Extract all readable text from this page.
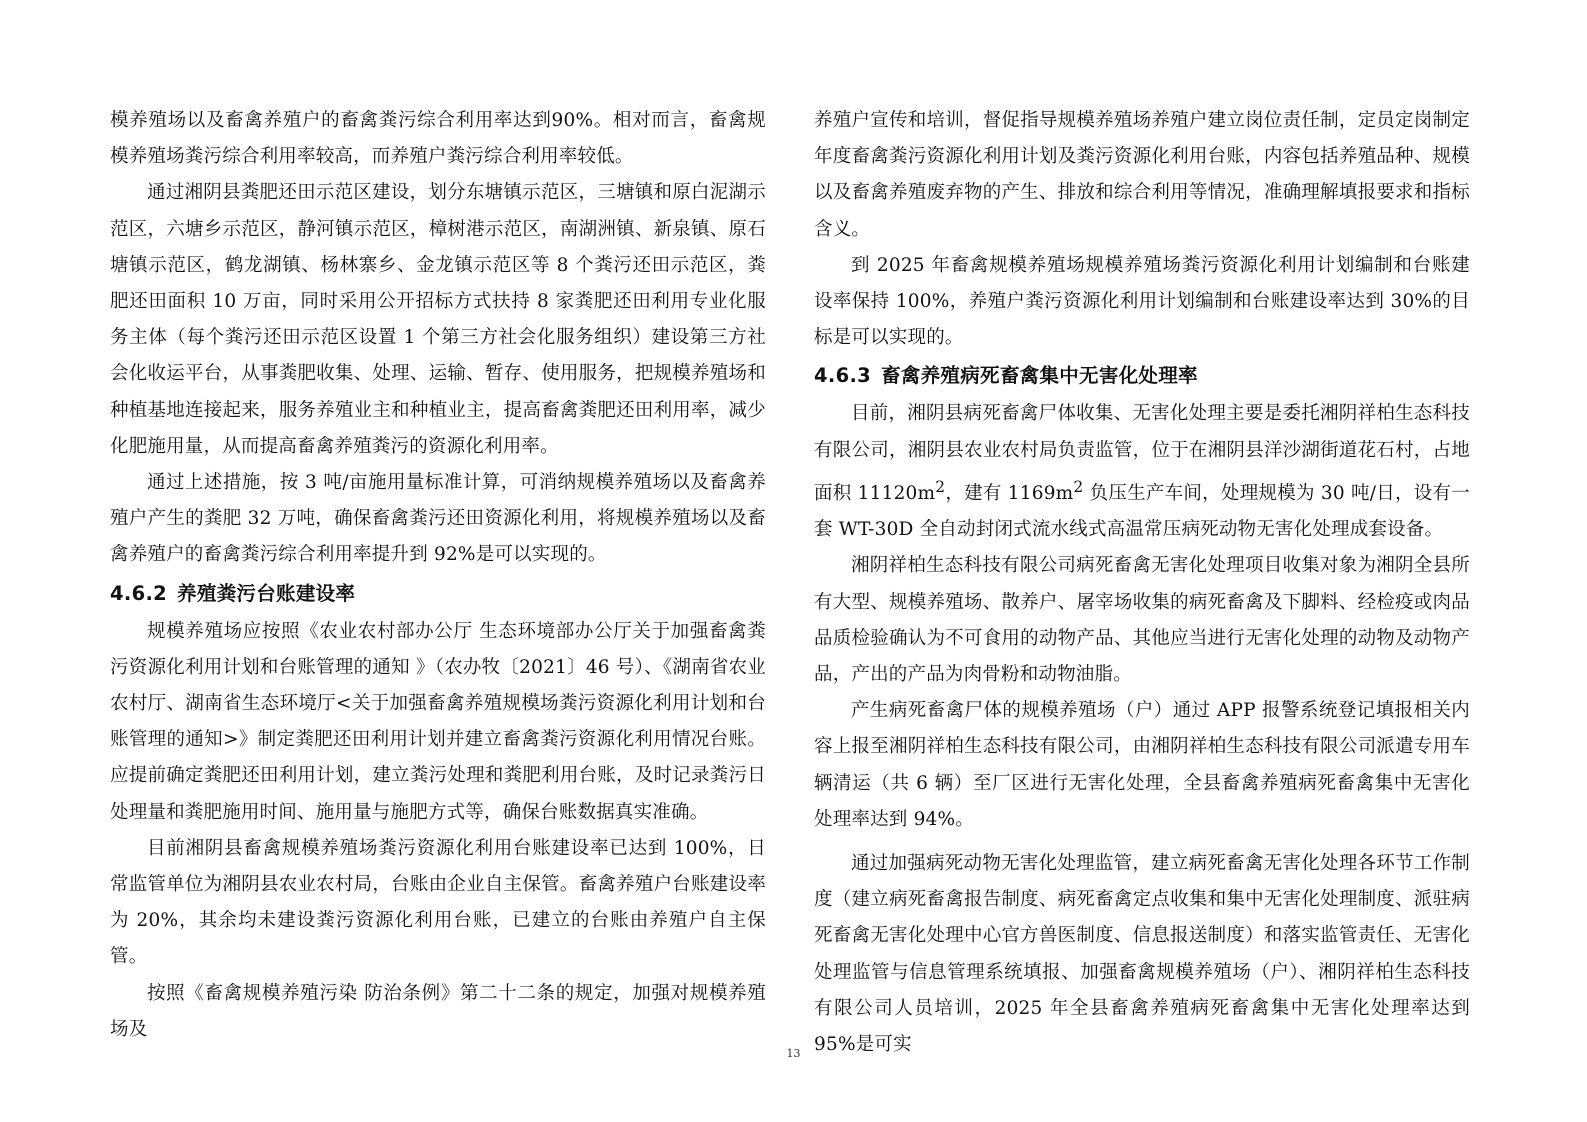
模养殖场以及畜禽养殖户的畜禽粪污综合利用率达到90%。相对而言，畜禽规模养殖场粪污综合利用率较高，而养殖户粪污综合利用率较低。

通过湘阴县粪肥还田示范区建设，划分东塘镇示范区，三塘镇和原白泥湖示范区，六塘乡示范区，静河镇示范区，樟树港示范区，南湖洲镇、新泉镇、原石塘镇示范区，鹤龙湖镇、杨林寨乡、金龙镇示范区等 8 个粪污还田示范区，粪肥还田面积 10 万亩，同时采用公开招标方式扶持 8 家粪肥还田利用专业化服务主体（每个粪污还田示范区设置 1 个第三方社会化服务组织）建设第三方社会化收运平台，从事粪肥收集、处理、运输、暂存、使用服务，把规模养殖场和种植基地连接起来，服务养殖业主和种植业主，提高畜禽粪肥还田利用率，减少化肥施用量，从而提高畜禽养殖粪污的资源化利用率。

通过上述措施，按 3 吨/亩施用量标准计算，可消纳规模养殖场以及畜禽养殖户产生的粪肥 32 万吨，确保畜禽粪污还田资源化利用，将规模养殖场以及畜禽养殖户的畜禽粪污综合利用率提升到 92%是可以实现的。

4.6.2 养殖粪污台账建设率

规模养殖场应按照《农业农村部办公厅 生态环境部办公厅关于加强畜禽粪污资源化利用计划和台账管理的通知 》（农办牧〔2021〕46 号）、《湖南省农业农村厅、湖南省生态环境厅<关于加强畜禽养殖规模场粪污资源化利用计划和台账管理的通知>》制定粪肥还田利用计划并建立畜禽粪污资源化利用情况台账。应提前确定粪肥还田利用计划，建立粪污处理和粪肥利用台账，及时记录粪污日处理量和粪肥施用时间、施用量与施肥方式等，确保台账数据真实准确。

目前湘阴县畜禽规模养殖场粪污资源化利用台账建设率已达到 100%，日常监管单位为湘阴县农业农村局，台账由企业自主保管。畜禽养殖户台账建设率为 20%，其余均未建设粪污资源化利用台账，已建立的台账由养殖户自主保管。

按照《畜禽规模养殖污染 防治条例》第二十二条的规定，加强对规模养殖场及

养殖户宣传和培训，督促指导规模养殖场养殖户建立岗位责任制，定员定岗制定年度畜禽粪污资源化利用计划及粪污资源化利用台账，内容包括养殖品种、规模以及畜禽养殖废弃物的产生、排放和综合利用等情况，准确理解填报要求和指标含义。

到 2025 年畜禽规模养殖场规模养殖场粪污资源化利用计划编制和台账建设率保持 100%，养殖户粪污资源化利用计划编制和台账建设率达到 30%的目标是可以实现的。

4.6.3 畜禽养殖病死畜禽集中无害化处理率

目前，湘阴县病死畜禽尸体收集、无害化处理主要是委托湘阴祥柏生态科技有限公司，湘阴县农业农村局负责监管，位于在湘阴县洋沙湖街道花石村，占地面积 $11120m^2$，建有 $1169m^2$ 负压生产车间，处理规模为 30 吨/日，设有一套 WT-30D 全自动封闭式流水线式高温常压病死动物无害化处理成套设备。

湘阴祥柏生态科技有限公司病死畜禽无害化处理项目收集对象为湘阴全县所有大型、规模养殖场、散养户、屠宰场收集的病死畜禽及下脚料、经检疫或肉品品质检验确认为不可食用的动物产品、其他应当进行无害化处理的动物及动物产品，产出的产品为肉骨粉和动物油脂。

产生病死畜禽尸体的规模养殖场（户）通过 APP 报警系统登记填报相关内容上报至湘阴祥柏生态科技有限公司，由湘阴祥柏生态科技有限公司派遣专用车辆清运（共 6 辆）至厂区进行无害化处理，全县畜禽养殖病死畜禽集中无害化处理率达到 94%。

通过加强病死动物无害化处理监管，建立病死畜禽无害化处理各环节工作制度（建立病死畜禽报告制度、病死畜禽定点收集和集中无害化处理制度、派驻病死畜禽无害化处理中心官方兽医制度、信息报送制度）和落实监管责任、无害化处理监管与信息管理系统填报、加强畜禽规模养殖场（户）、湘阴祥柏生态科技有限公司人员培训，2025 年全县畜禽养殖病死畜禽集中无害化处理率达到 95%是可实

13
